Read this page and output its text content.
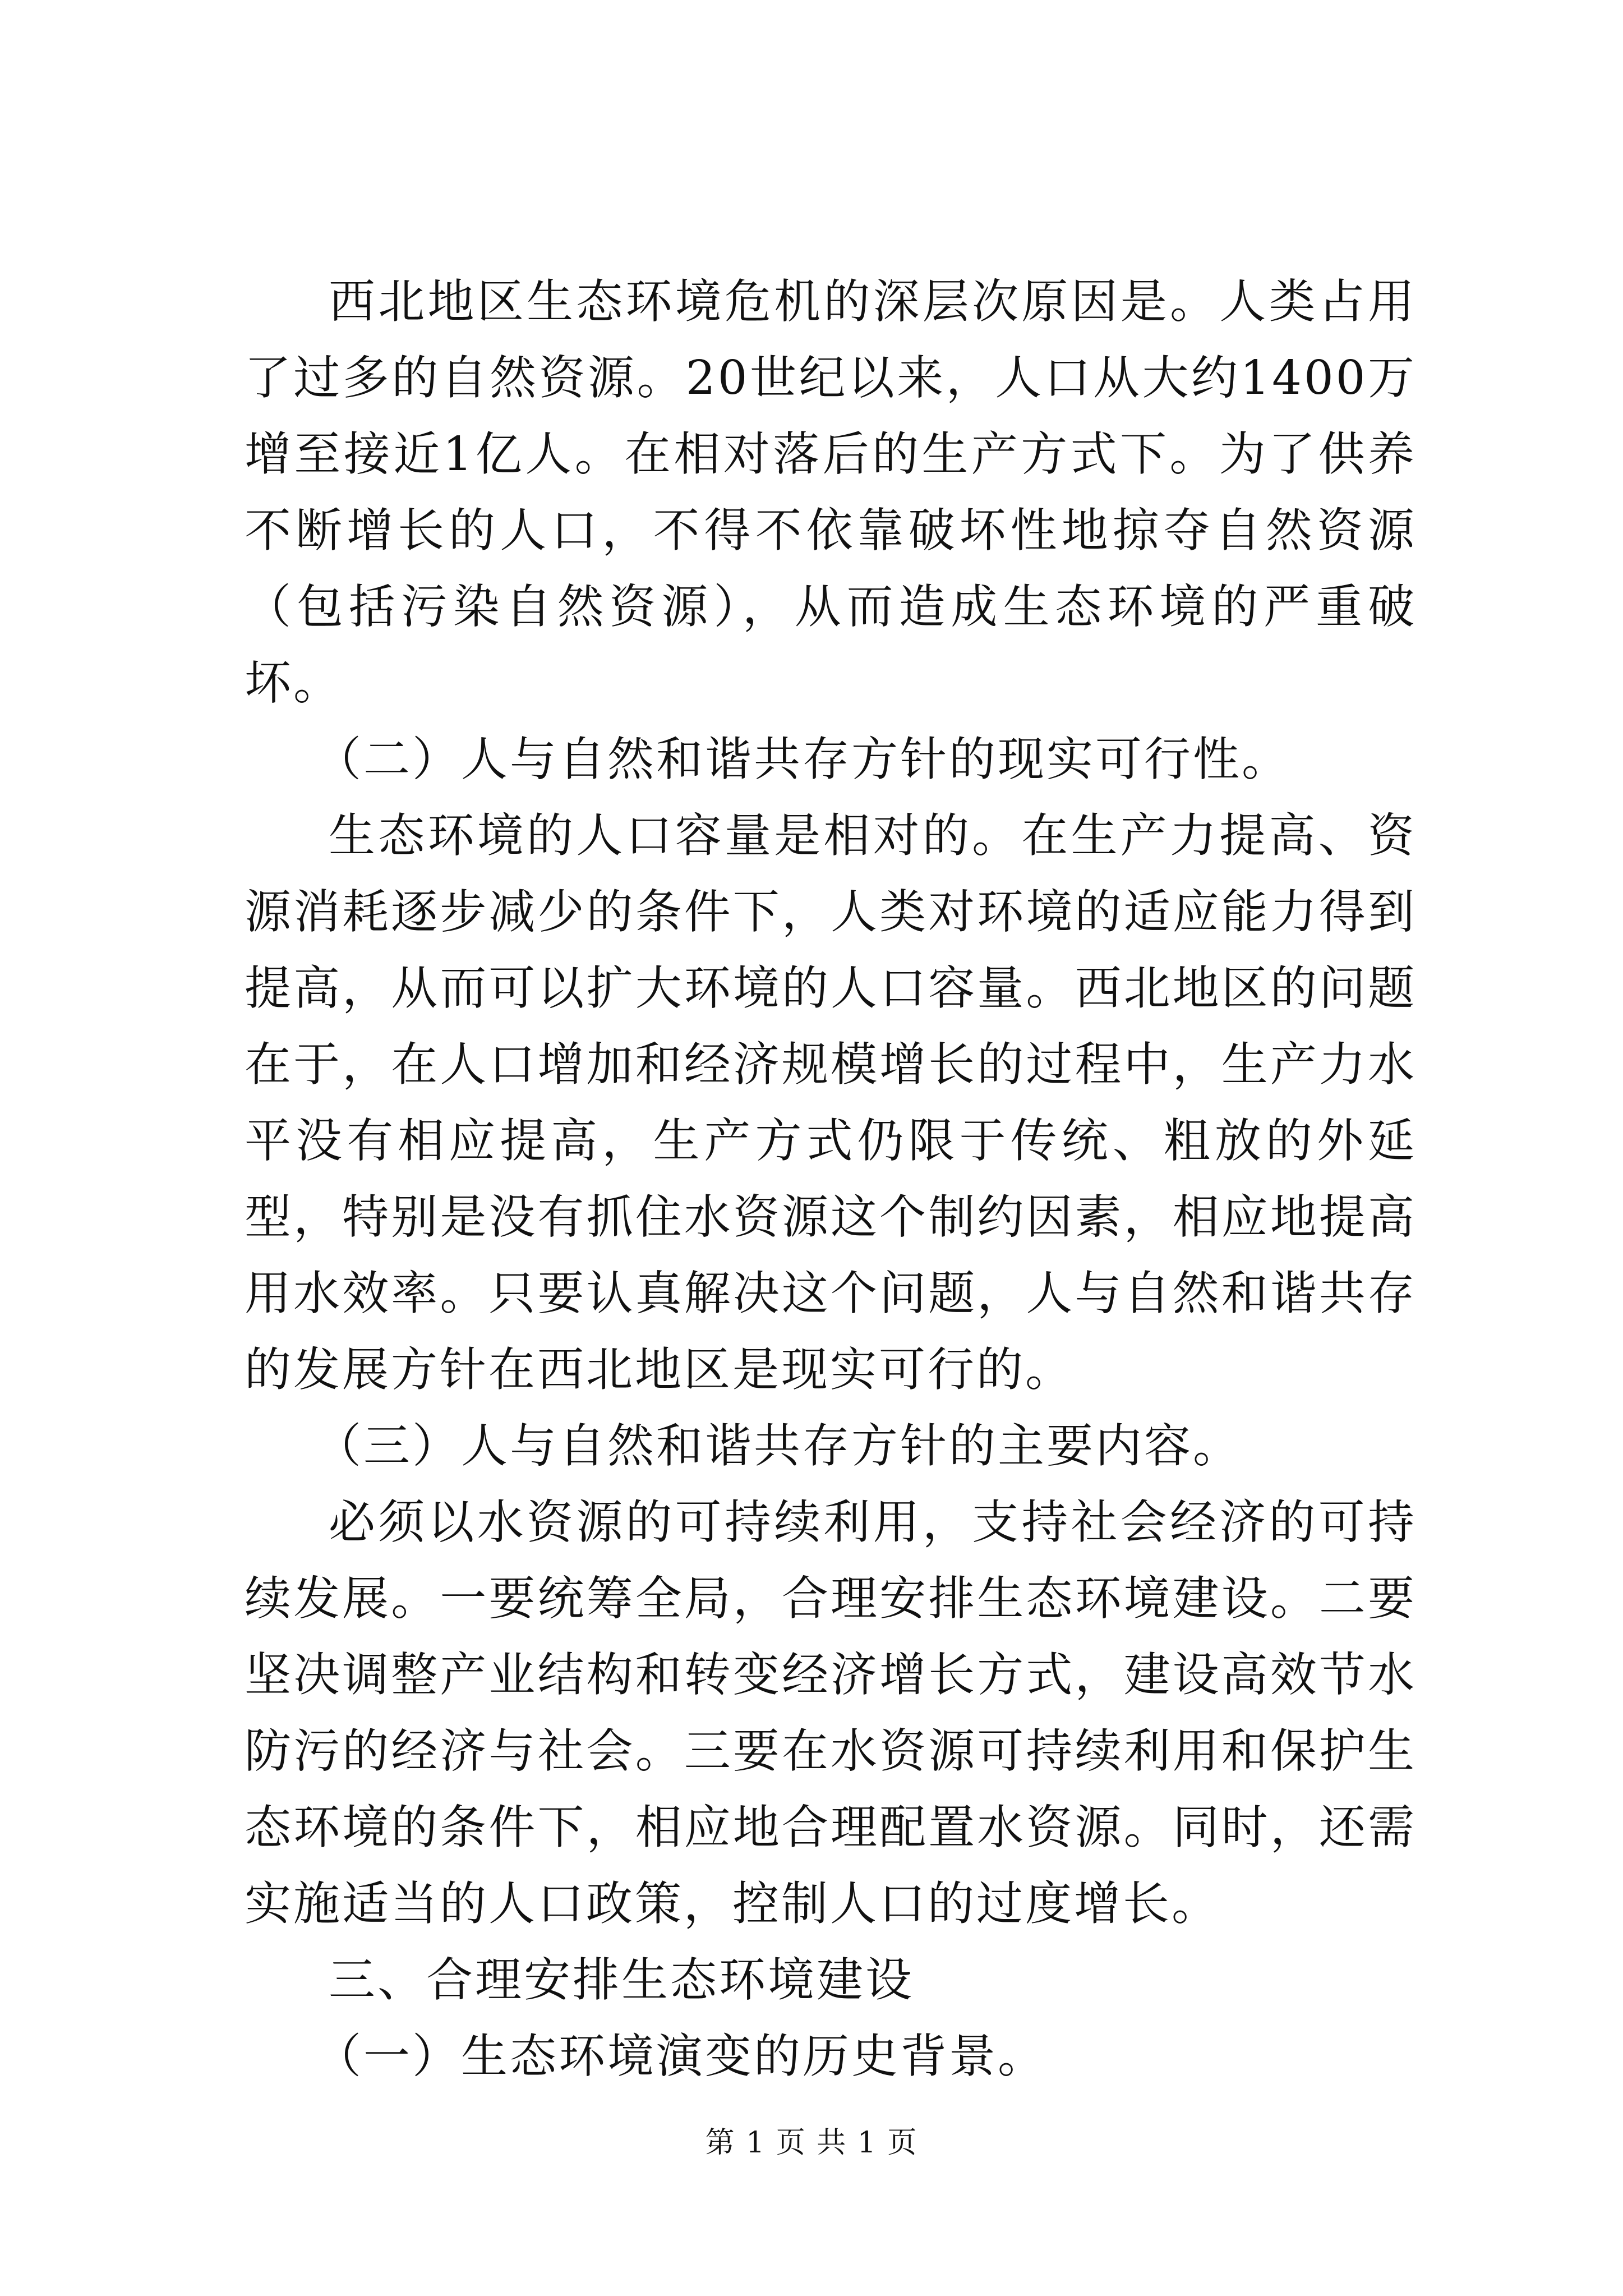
西北地区生态环境危机的深层次原因是。人类占用了过多的自然资源。20世纪以来，人口从大约1400万增至接近1亿人。在相对落后的生产方式下。为了供养不断增长的人口，不得不依靠破坏性地掠夺自然资源（包括污染自然资源），从而造成生态环境的严重破坏。

（二）人与自然和谐共存方针的现实可行性。

生态环境的人口容量是相对的。在生产力提高、资源消耗逐步减少的条件下，人类对环境的适应能力得到提高，从而可以扩大环境的人口容量。西北地区的问题在于，在人口增加和经济规模增长的过程中，生产力水平没有相应提高，生产方式仍限于传统、粗放的外延型，特别是没有抓住水资源这个制约因素，相应地提高用水效率。只要认真解决这个问题，人与自然和谐共存的发展方针在西北地区是现实可行的。

（三）人与自然和谐共存方针的主要内容。

必须以水资源的可持续利用，支持社会经济的可持续发展。一要统筹全局，合理安排生态环境建设。二要坚决调整产业结构和转变经济增长方式，建设高效节水防污的经济与社会。三要在水资源可持续利用和保护生态环境的条件下，相应地合理配置水资源。同时，还需实施适当的人口政策，控制人口的过度增长。

三、合理安排生态环境建设

（一）生态环境演变的历史背景。

第 1 页 共 1 页
